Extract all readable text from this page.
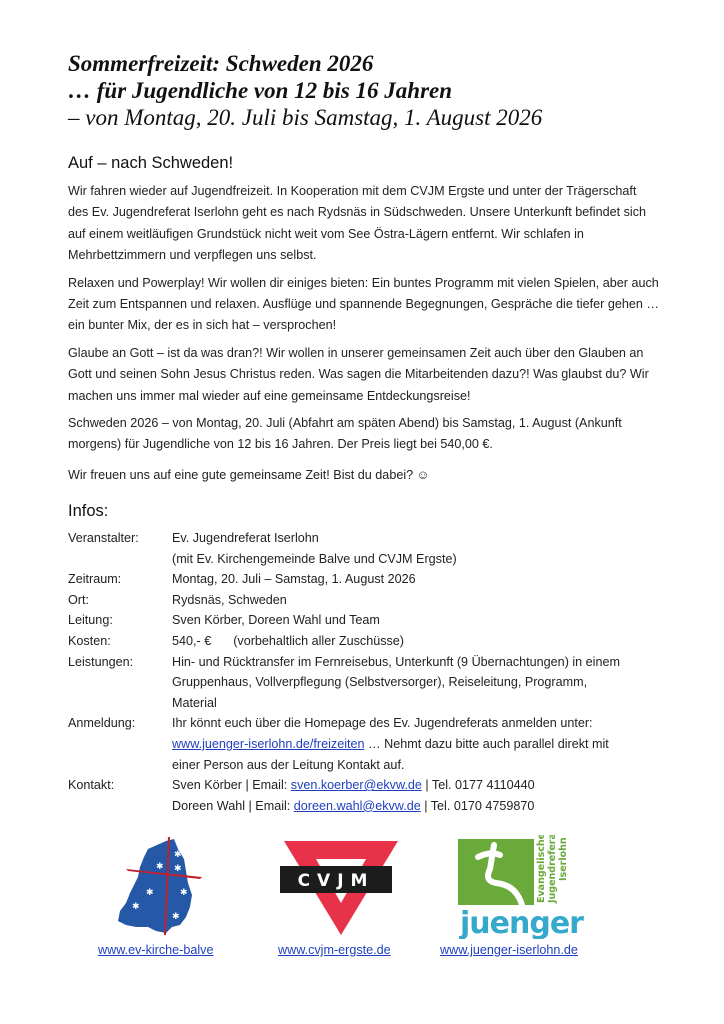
Sommerfreizeit: Schweden 2026
… für Jugendliche von 12 bis 16 Jahren
– von Montag, 20. Juli bis Samstag, 1. August 2026
Auf – nach Schweden!

Wir fahren wieder auf Jugendfreizeit. In Kooperation mit dem CVJM Ergste und unter der Trägerschaft des Ev. Jugendreferat Iserlohn geht es nach Rydsnäs in Südschweden. Unsere Unterkunft befindet sich auf einem weitläufigen Grundstück nicht weit vom See Östra-Lägern entfernt. Wir schlafen in Mehrbettzimmern und verpflegen uns selbst.

Relaxen und Powerplay! Wir wollen dir einiges bieten: Ein buntes Programm mit vielen Spielen, aber auch Zeit zum Entspannen und relaxen. Ausflüge und spannende Begegnungen, Gespräche die tiefer gehen … ein bunter Mix, der es in sich hat – versprochen!

Glaube an Gott – ist da was dran?! Wir wollen in unserer gemeinsamen Zeit auch über den Glauben an Gott und seinen Sohn Jesus Christus reden. Was sagen die Mitarbeitenden dazu?! Was glaubst du? Wir machen uns immer mal wieder auf eine gemeinsame Entdeckungsreise!

Schweden 2026 – von Montag, 20. Juli (Abfahrt am späten Abend) bis Samstag, 1. August (Ankunft morgens) für Jugendliche von 12 bis 16 Jahren. Der Preis liegt bei 540,00 €.

Wir freuen uns auf eine gute gemeinsame Zeit! Bist du dabei? ☺

Infos:
Veranstalter:	Ev. Jugendreferat Iserlohn
(mit Ev. Kirchengemeinde Balve und CVJM Ergste)
Zeitraum:	Montag, 20. Juli – Samstag, 1. August 2026
Ort:	Rydsnäs, Schweden
Leitung:	Sven Körber, Doreen Wahl und Team
Kosten:	540,- € (vorbehaltlich aller Zuschüsse)
Leistungen:	Hin- und Rücktransfer im Fernreisebus, Unterkunft (9 Übernachtungen) in einem
Gruppenhaus, Vollverpflegung (Selbstversorger), Reiseleitung, Programm,
Material
Anmeldung:	Ihr könnt euch über die Homepage des Ev. Jugendreferats anmelden unter:
www.juenger-iserlohn.de/freizeiten … Nehmt dazu bitte auch parallel direkt mit
einer Person aus der Leitung Kontakt auf.
Kontakt:	Sven Körber | Email: sven.koerber@ekvw.de | Tel. 0177 4110440
Doreen Wahl | Email: doreen.wahl@ekvw.de | Tel. 0170 4759870
✱
✱ ✱
✱	✱
✱
✱
www.ev-kirche-balve
CVJM
www.cvjm-ergste.de
Evangelisches Jugendreferat Iserlohn
juenger
www.juenger-iserlohn.de
